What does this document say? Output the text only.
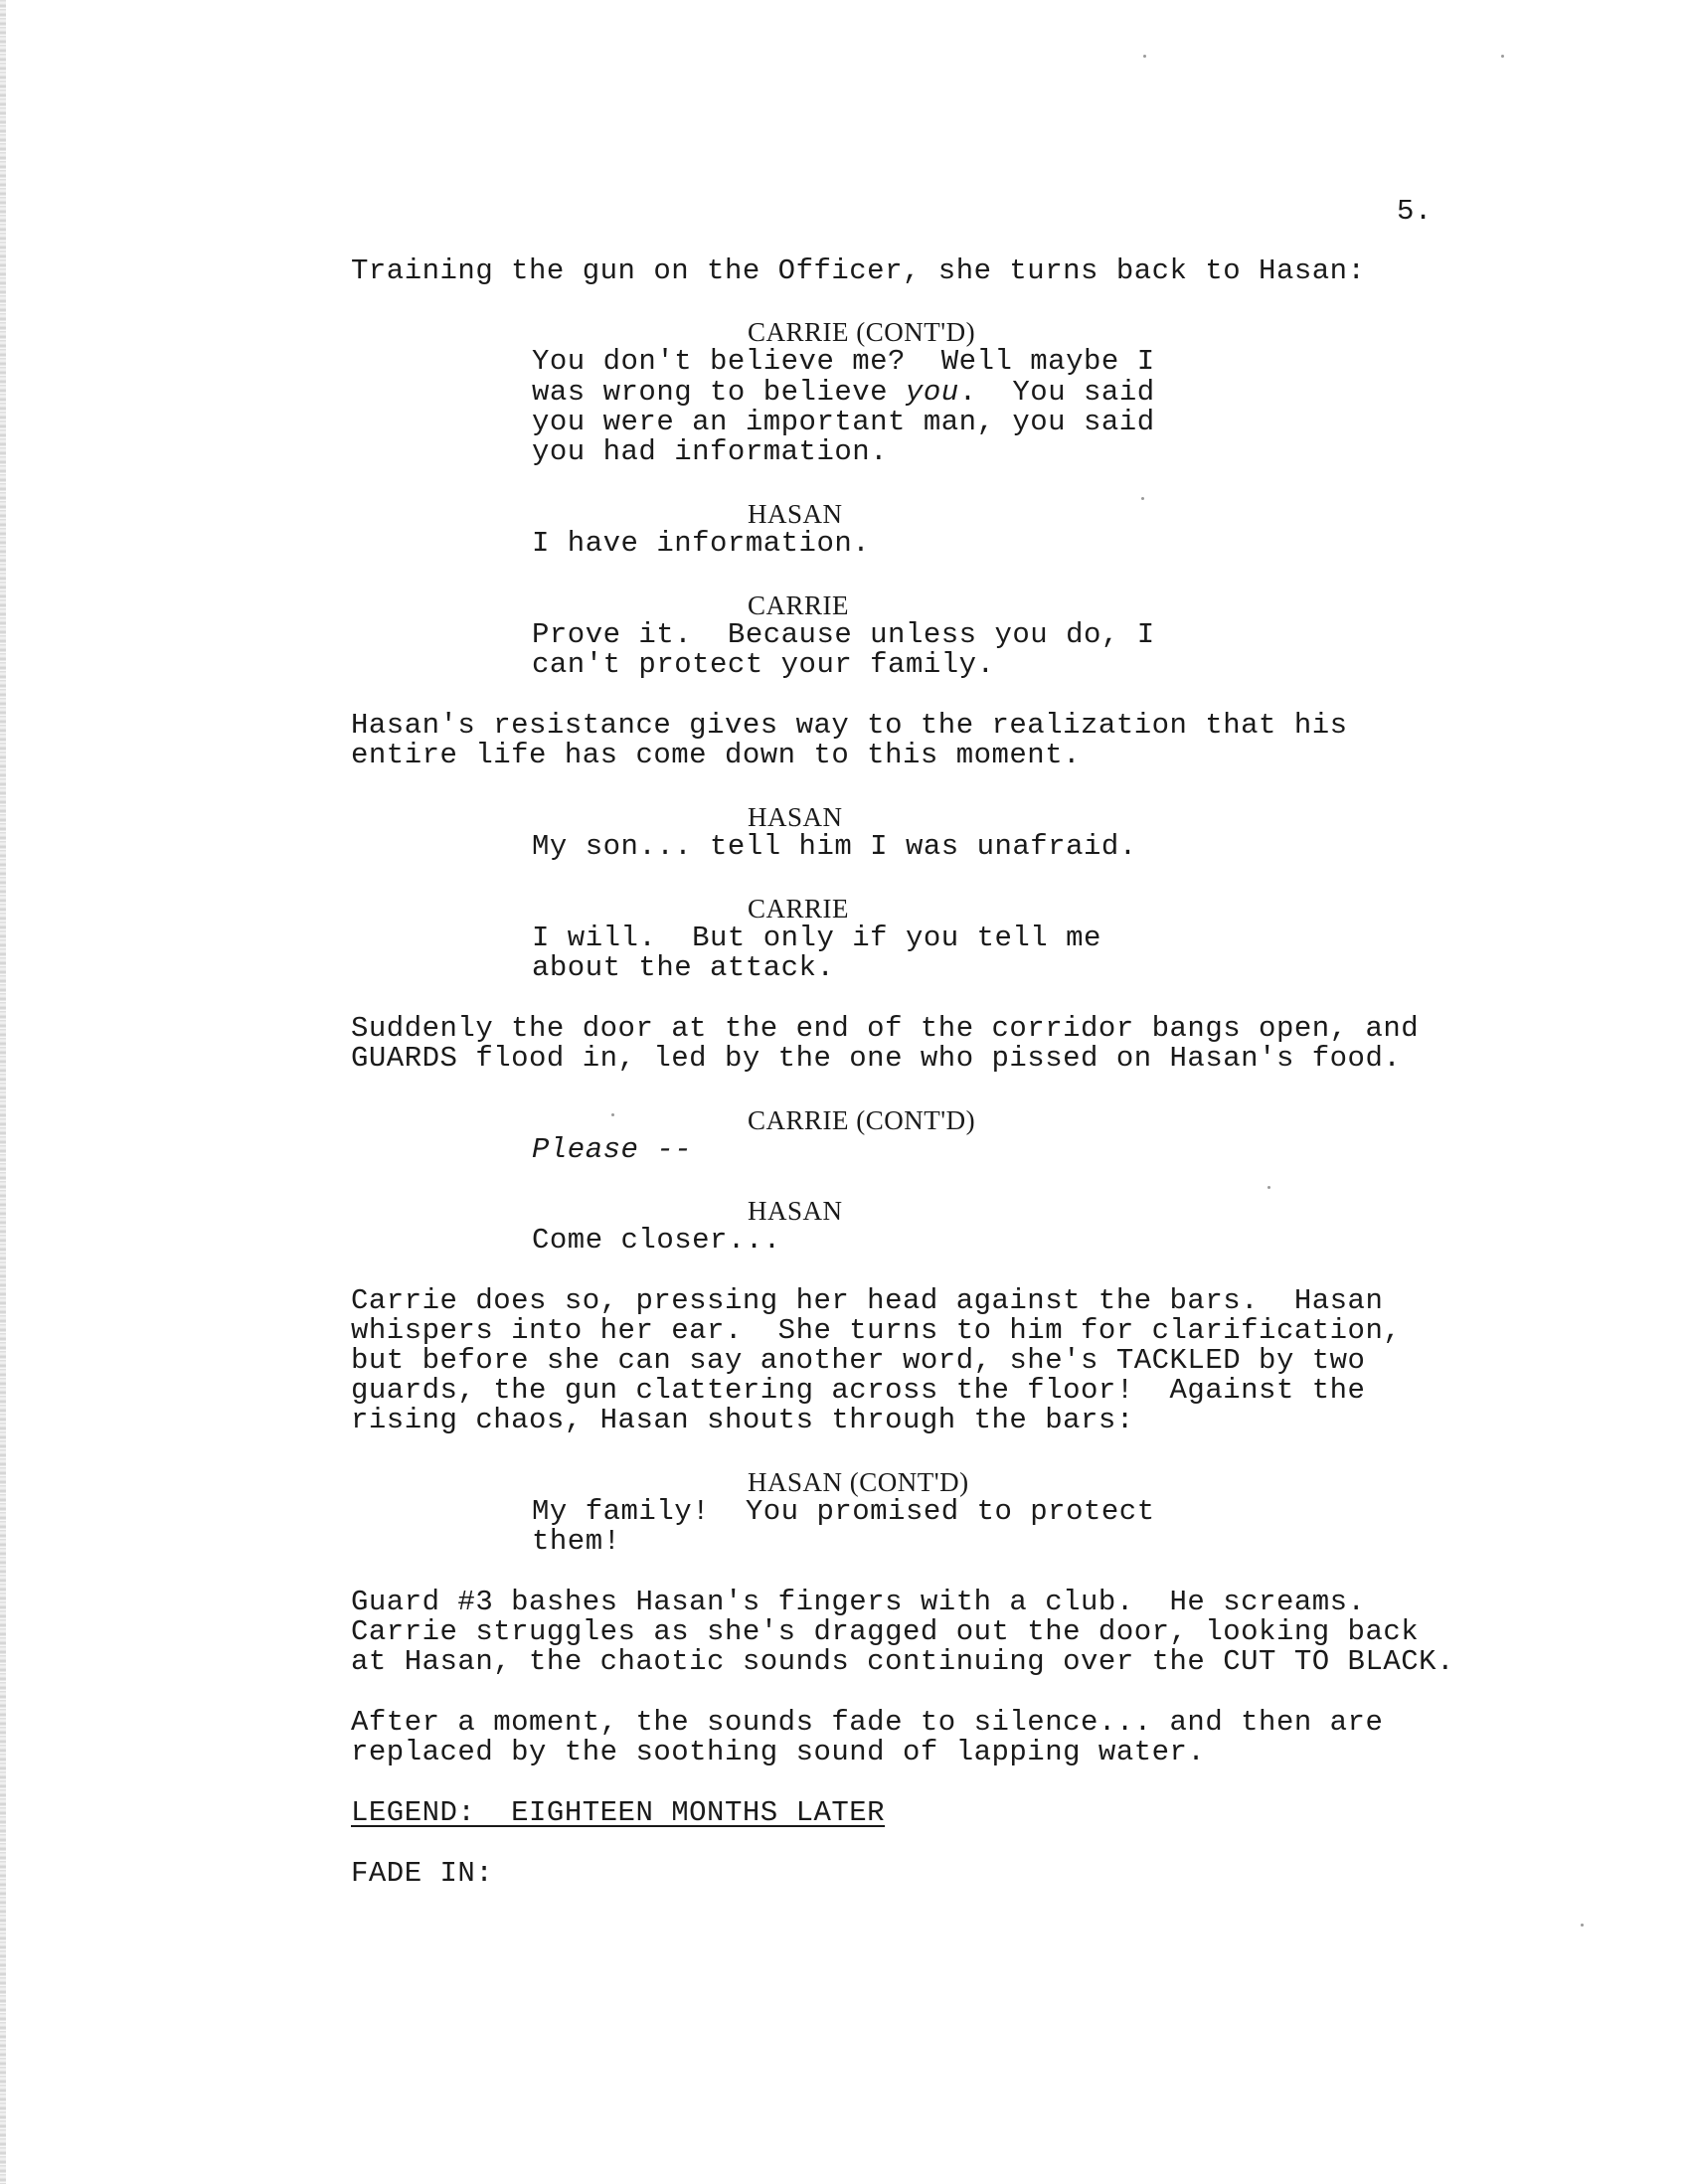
5.

Training the gun on the Officer, she turns back to Hasan:

CARRIE (CONT'D)

You don't believe me?  Well maybe I

was wrong to believe you.  You said

you were an important man, you said

you had information.

HASAN

I have information.

CARRIE

Prove it.  Because unless you do, I

can't protect your family.

Hasan's resistance gives way to the realization that his

entire life has come down to this moment.

HASAN

My son... tell him I was unafraid.

CARRIE

I will.  But only if you tell me

about the attack.

Suddenly the door at the end of the corridor bangs open, and

GUARDS flood in, led by the one who pissed on Hasan's food.

CARRIE (CONT'D)

Please --

HASAN

Come closer...

Carrie does so, pressing her head against the bars.  Hasan

whispers into her ear.  She turns to him for clarification,

but before she can say another word, she's TACKLED by two

guards, the gun clattering across the floor!  Against the

rising chaos, Hasan shouts through the bars:

HASAN (CONT'D)

My family!  You promised to protect

them!

Guard #3 bashes Hasan's fingers with a club.  He screams.

Carrie struggles as she's dragged out the door, looking back

at Hasan, the chaotic sounds continuing over the CUT TO BLACK.

After a moment, the sounds fade to silence... and then are

replaced by the soothing sound of lapping water.

LEGEND:  EIGHTEEN MONTHS LATER

FADE IN:
